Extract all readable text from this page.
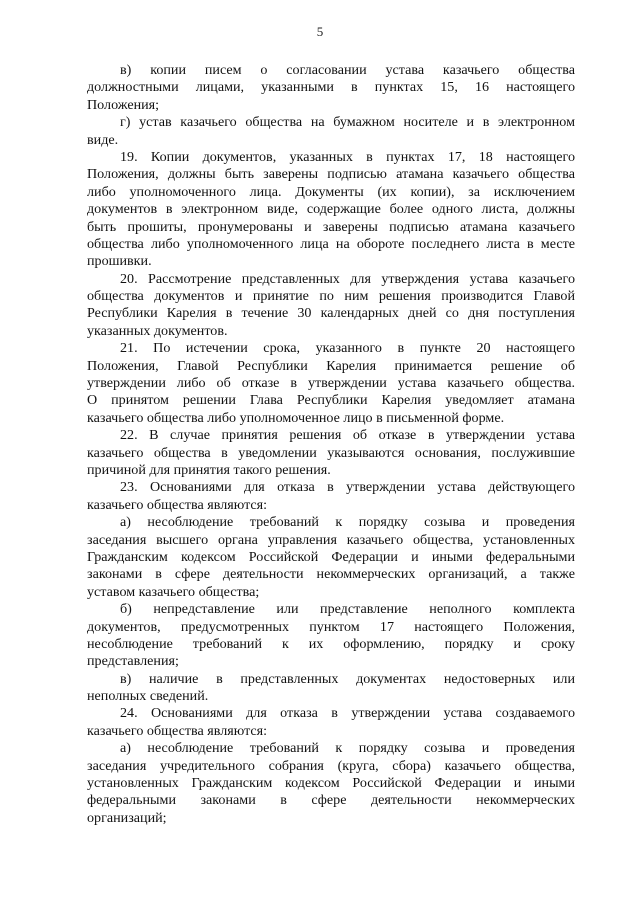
5
в) копии писем о согласовании устава казачьего общества
должностными лицами, указанными в пунктах 15, 16 настоящего
Положения;
г) устав казачьего общества на бумажном носителе и в электронном
виде.
19. Копии документов, указанных в пунктах 17, 18 настоящего
Положения, должны быть заверены подписью атамана казачьего общества
либо уполномоченного лица. Документы (их копии), за исключением
документов в электронном виде, содержащие более одного листа, должны
быть прошиты, пронумерованы и заверены подписью атамана казачьего
общества либо уполномоченного лица на обороте последнего листа в месте
прошивки.
20. Рассмотрение представленных для утверждения устава казачьего
общества документов и принятие по ним решения производится Главой
Республики Карелия в течение 30 календарных дней со дня поступления
указанных документов.
21. По истечении срока, указанного в пункте 20 настоящего
Положения, Главой Республики Карелия принимается решение об
утверждении либо об отказе в утверждении устава казачьего общества.
О принятом решении Глава Республики Карелия уведомляет атамана
казачьего общества либо уполномоченное лицо в письменной форме.
22. В случае принятия решения об отказе в утверждении устава
казачьего общества в уведомлении указываются основания, послужившие
причиной для принятия такого решения.
23. Основаниями для отказа в утверждении устава действующего
казачьего общества являются:
а) несоблюдение требований к порядку созыва и проведения
заседания высшего органа управления казачьего общества, установленных
Гражданским кодексом Российской Федерации и иными федеральными
законами в сфере деятельности некоммерческих организаций, а также
уставом казачьего общества;
б) непредставление или представление неполного комплекта
документов, предусмотренных пунктом 17 настоящего Положения,
несоблюдение требований к их оформлению, порядку и сроку
представления;
в) наличие в представленных документах недостоверных или
неполных сведений.
24. Основаниями для отказа в утверждении устава создаваемого
казачьего общества являются:
а) несоблюдение требований к порядку созыва и проведения
заседания учредительного собрания (круга, сбора) казачьего общества,
установленных Гражданским кодексом Российской Федерации и иными
федеральными законами в сфере деятельности некоммерческих
организаций;
